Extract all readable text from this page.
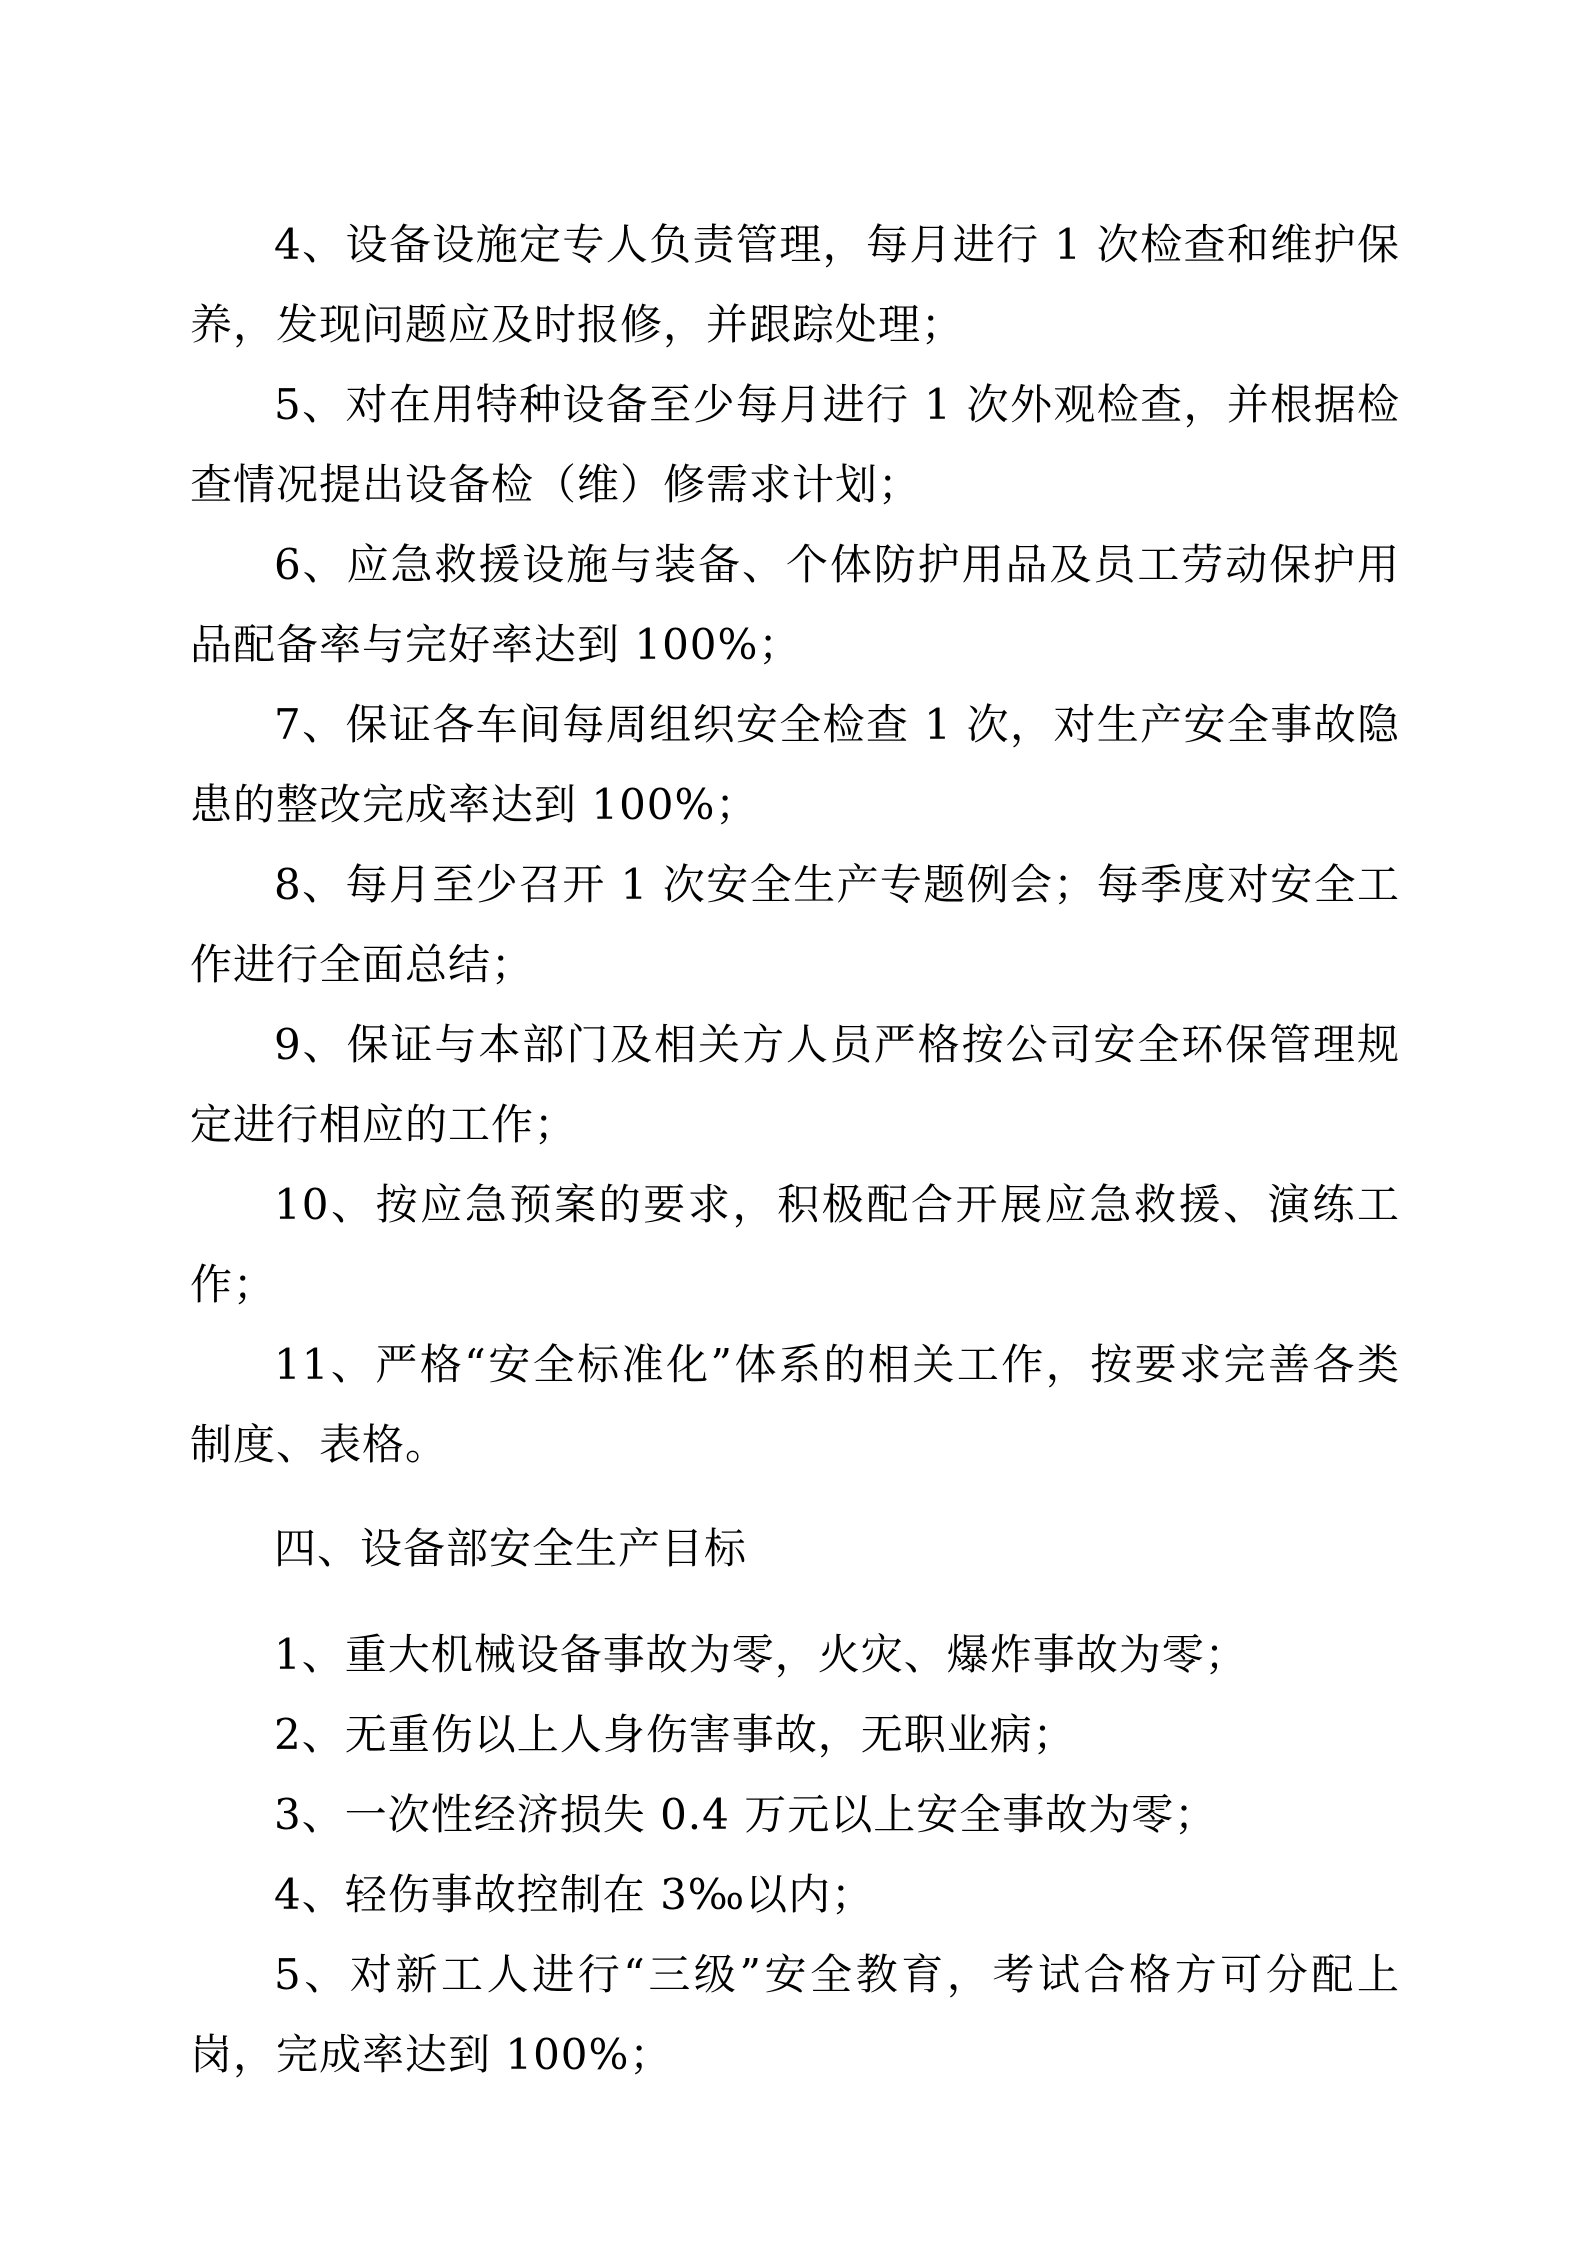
4、设备设施定专人负责管理，每月进行 1 次检查和维护保养，发现问题应及时报修，并跟踪处理；

5、对在用特种设备至少每月进行 1 次外观检查，并根据检查情况提出设备检（维）修需求计划；

6、应急救援设施与装备、个体防护用品及员工劳动保护用品配备率与完好率达到 100%；

7、保证各车间每周组织安全检查 1 次，对生产安全事故隐患的整改完成率达到 100%；

8、每月至少召开 1 次安全生产专题例会；每季度对安全工作进行全面总结；

9、保证与本部门及相关方人员严格按公司安全环保管理规定进行相应的工作；

10、按应急预案的要求，积极配合开展应急救援、演练工作；

11、严格“安全标准化”体系的相关工作，按要求完善各类制度、表格。

四、设备部安全生产目标

1、重大机械设备事故为零，火灾、爆炸事故为零；

2、无重伤以上人身伤害事故，无职业病；

3、一次性经济损失 0.4 万元以上安全事故为零；

4、轻伤事故控制在 3‰以内；

5、对新工人进行“三级”安全教育，考试合格方可分配上岗，完成率达到 100%；
